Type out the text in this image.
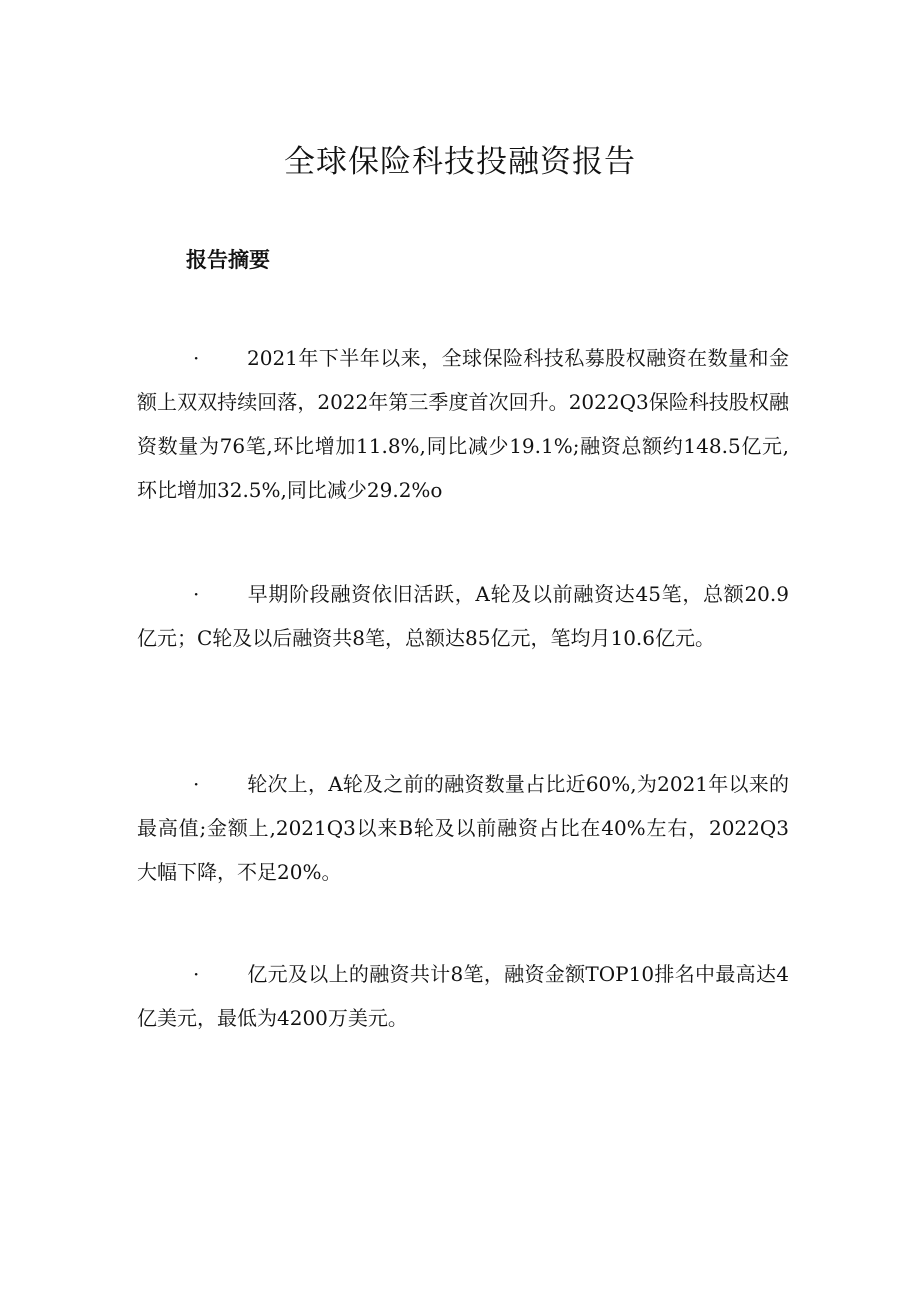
全球保险科技投融资报告
报告摘要

· 2021年下半年以来，全球保险科技私募股权融资在数量和金额上双双持续回落，2022年第三季度首次回升。2022Q3保险科技股权融资数量为76笔,环比增加11.8%,同比减少19.1%;融资总额约148.5亿元,环比增加32.5%,同比减少29.2%o

· 早期阶段融资依旧活跃，A轮及以前融资达45笔，总额20.9亿元；C轮及以后融资共8笔，总额达85亿元，笔均月10.6亿元。

· 轮次上，A轮及之前的融资数量占比近60%,为2021年以来的最高值;金额上,2021Q3以来B轮及以前融资占比在40%左右，2022Q3大幅下降，不足20%。

· 亿元及以上的融资共计8笔，融资金额TOP10排名中最高达4亿美元，最低为4200万美元。
